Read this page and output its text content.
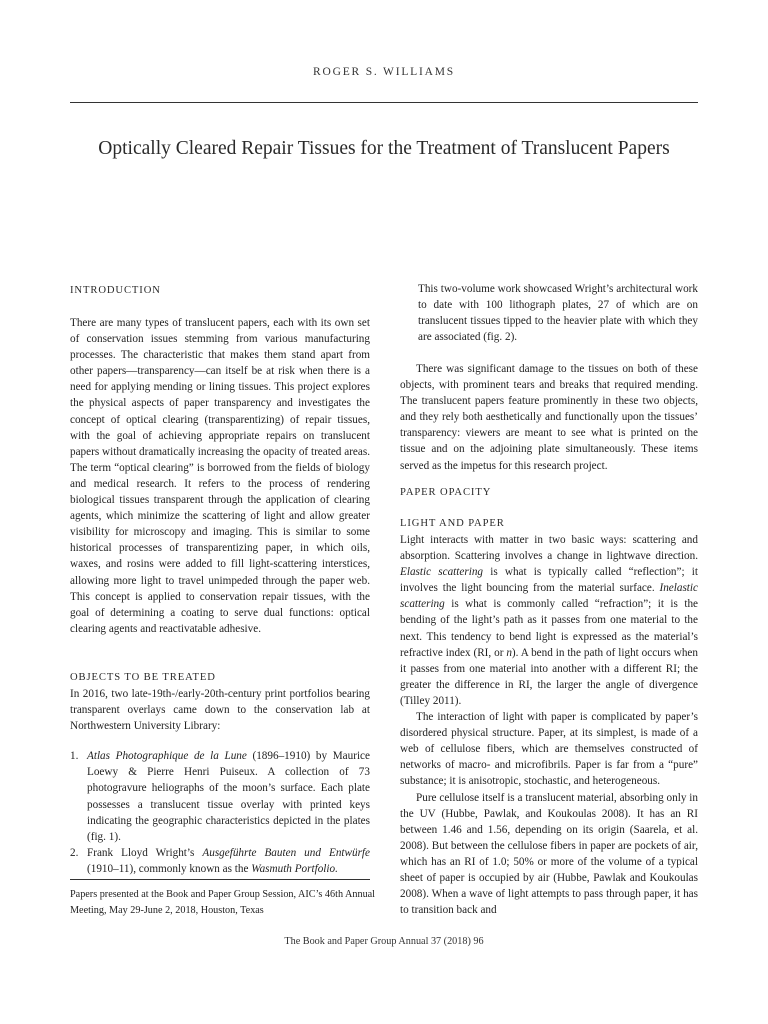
ROGER S. WILLIAMS
Optically Cleared Repair Tissues for the Treatment of Translucent Papers
INTRODUCTION

There are many types of translucent papers, each with its own set of conservation issues stemming from various manufacturing processes. The characteristic that makes them stand apart from other papers—transparency—can itself be at risk when there is a need for applying mending or lining tissues. This project explores the physical aspects of paper transparency and investigates the concept of optical clearing (transparentizing) of repair tissues, with the goal of achieving appropriate repairs on translucent papers without dramatically increasing the opacity of treated areas. The term “optical clearing” is borrowed from the fields of biology and medical research. It refers to the process of rendering biological tissues transparent through the application of clearing agents, which minimize the scattering of light and allow greater visibility for microscopy and imaging. This is similar to some historical processes of transparentizing paper, in which oils, waxes, and rosins were added to fill light-scattering interstices, allowing more light to travel unimpeded through the paper web. This concept is applied to conservation repair tissues, with the goal of determining a coating to serve dual functions: optical clearing agents and reactivatable adhesive.

OBJECTS TO BE TREATED

In 2016, two late-19th-/early-20th-century print portfolios bearing transparent overlays came down to the conservation lab at Northwestern University Library:

1. Atlas Photographique de la Lune (1896–1910) by Maurice Loewy & Pierre Henri Puiseux. A collection of 73 photogravure heliographs of the moon’s surface. Each plate possesses a translucent tissue overlay with printed keys indicating the geographic characteristics depicted in the plates (fig. 1).
2. Frank Lloyd Wright’s Ausgeführte Bauten und Entwürfe (1910–11), commonly known as the Wasmuth Portfolio.
Papers presented at the Book and Paper Group Session, AIC’s 46th Annual Meeting, May 29-June 2, 2018, Houston, Texas
This two-volume work showcased Wright’s architectural work to date with 100 lithograph plates, 27 of which are on translucent tissues tipped to the heavier plate with which they are associated (fig. 2).
There was significant damage to the tissues on both of these objects, with prominent tears and breaks that required mending. The translucent papers feature prominently in these two objects, and they rely both aesthetically and functionally upon the tissues’ transparency: viewers are meant to see what is printed on the tissue and on the adjoining plate simultaneously. These items served as the impetus for this research project.
PAPER OPACITY
LIGHT AND PAPER

Light interacts with matter in two basic ways: scattering and absorption. Scattering involves a change in lightwave direction. Elastic scattering is what is typically called “reflection”; it involves the light bouncing from the material surface. Inelastic scattering is what is commonly called “refraction”; it is the bending of the light’s path as it passes from one material to the next. This tendency to bend light is expressed as the material’s refractive index (RI, or n). A bend in the path of light occurs when it passes from one material into another with a different RI; the greater the difference in RI, the larger the angle of divergence (Tilley 2011).

The interaction of light with paper is complicated by paper’s disordered physical structure. Paper, at its simplest, is made of a web of cellulose fibers, which are themselves constructed of networks of macro- and microfibrils. Paper is far from a “pure” substance; it is anisotropic, stochastic, and heterogeneous.

Pure cellulose itself is a translucent material, absorbing only in the UV (Hubbe, Pawlak, and Koukoulas 2008). It has an RI between 1.46 and 1.56, depending on its origin (Saarela, et al. 2008). But between the cellulose fibers in paper are pockets of air, which has an RI of 1.0; 50% or more of the volume of a typical sheet of paper is occupied by air (Hubbe, Pawlak and Koukoulas 2008). When a wave of light attempts to pass through paper, it has to transition back and

The Book and Paper Group Annual 37 (2018) 96
